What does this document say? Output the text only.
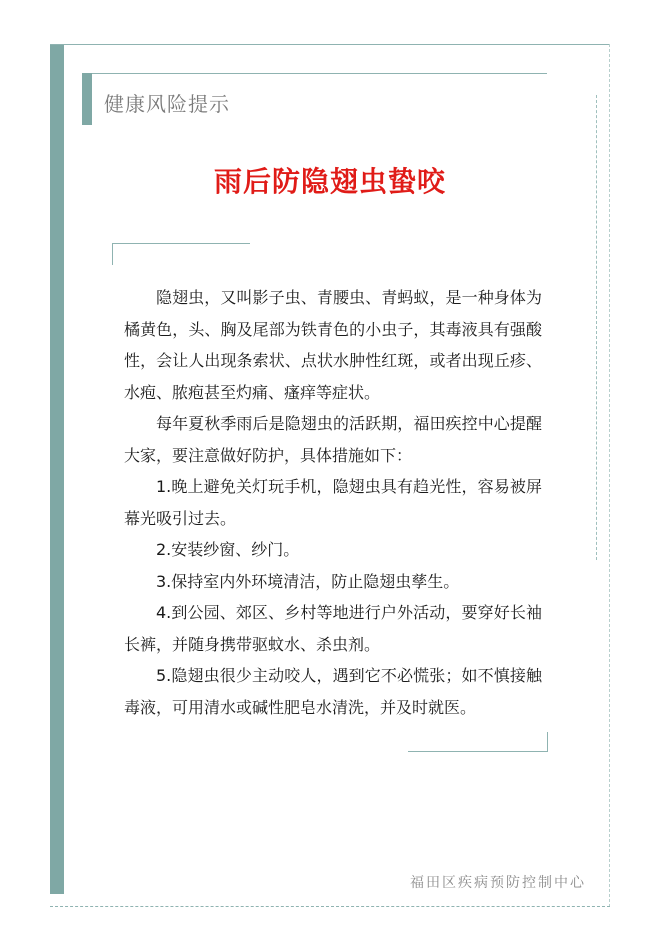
健康风险提示
雨后防隐翅虫蛰咬

隐翅虫，又叫影子虫、青腰虫、青蚂蚁，是一种身体为橘黄色，头、胸及尾部为铁青色的小虫子，其毒液具有强酸性，会让人出现条索状、点状水肿性红斑，或者出现丘疹、水疱、脓疱甚至灼痛、瘙痒等症状。

每年夏秋季雨后是隐翅虫的活跃期，福田疾控中心提醒大家，要注意做好防护，具体措施如下：

1.晚上避免关灯玩手机，隐翅虫具有趋光性，容易被屏幕光吸引过去。

2.安装纱窗、纱门。

3.保持室内外环境清洁，防止隐翅虫孳生。

4.到公园、郊区、乡村等地进行户外活动，要穿好长袖长裤，并随身携带驱蚊水、杀虫剂。

5.隐翅虫很少主动咬人，遇到它不必慌张；如不慎接触毒液，可用清水或碱性肥皂水清洗，并及时就医。

福田区疾病预防控制中心
